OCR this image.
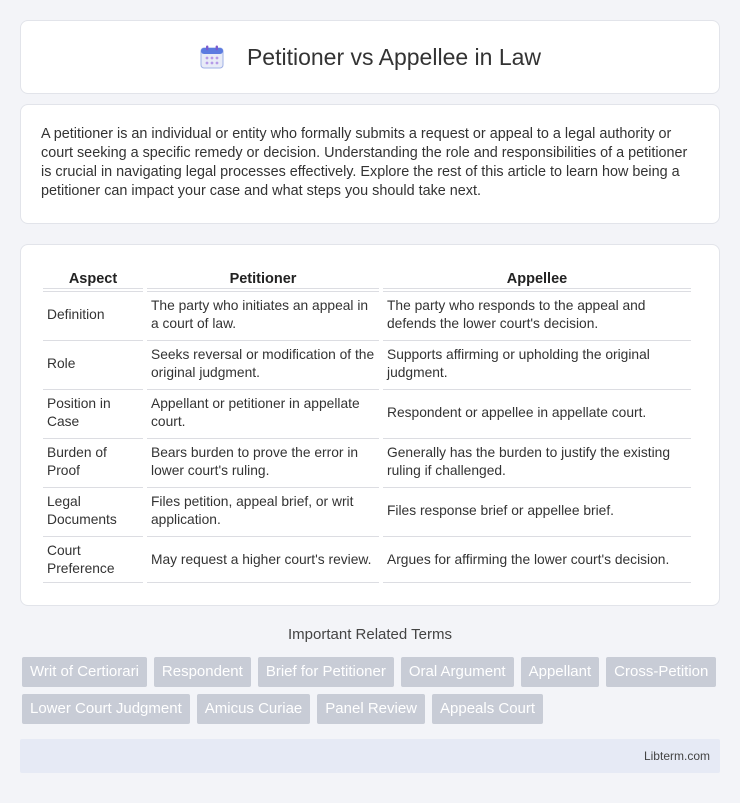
Petitioner vs Appellee in Law

A petitioner is an individual or entity who formally submits a request or appeal to a legal authority or court seeking a specific remedy or decision. Understanding the role and responsibilities of a petitioner is crucial in navigating legal processes effectively. Explore the rest of this article to learn how being a petitioner can impact your case and what steps you should take next.

Aspect	Petitioner	Appellee
Definition	The party who initiates an appeal in a court of law.	The party who responds to the appeal and defends the lower court's decision.
Role	Seeks reversal or modification of the original judgment.	Supports affirming or upholding the original judgment.
Position in Case	Appellant or petitioner in appellate court.	Respondent or appellee in appellate court.
Burden of Proof	Bears burden to prove the error in lower court's ruling.	Generally has the burden to justify the existing ruling if challenged.
Legal Documents	Files petition, appeal brief, or writ application.	Files response brief or appellee brief.
Court Preference	May request a higher court's review.	Argues for affirming the lower court's decision.
Important Related Terms
Writ of Certiorari	Respondent	Brief for Petitioner	Oral Argument	Appellant	Cross-Petition
Lower Court Judgment	Amicus Curiae	Panel Review	Appeals Court
Libterm.com
